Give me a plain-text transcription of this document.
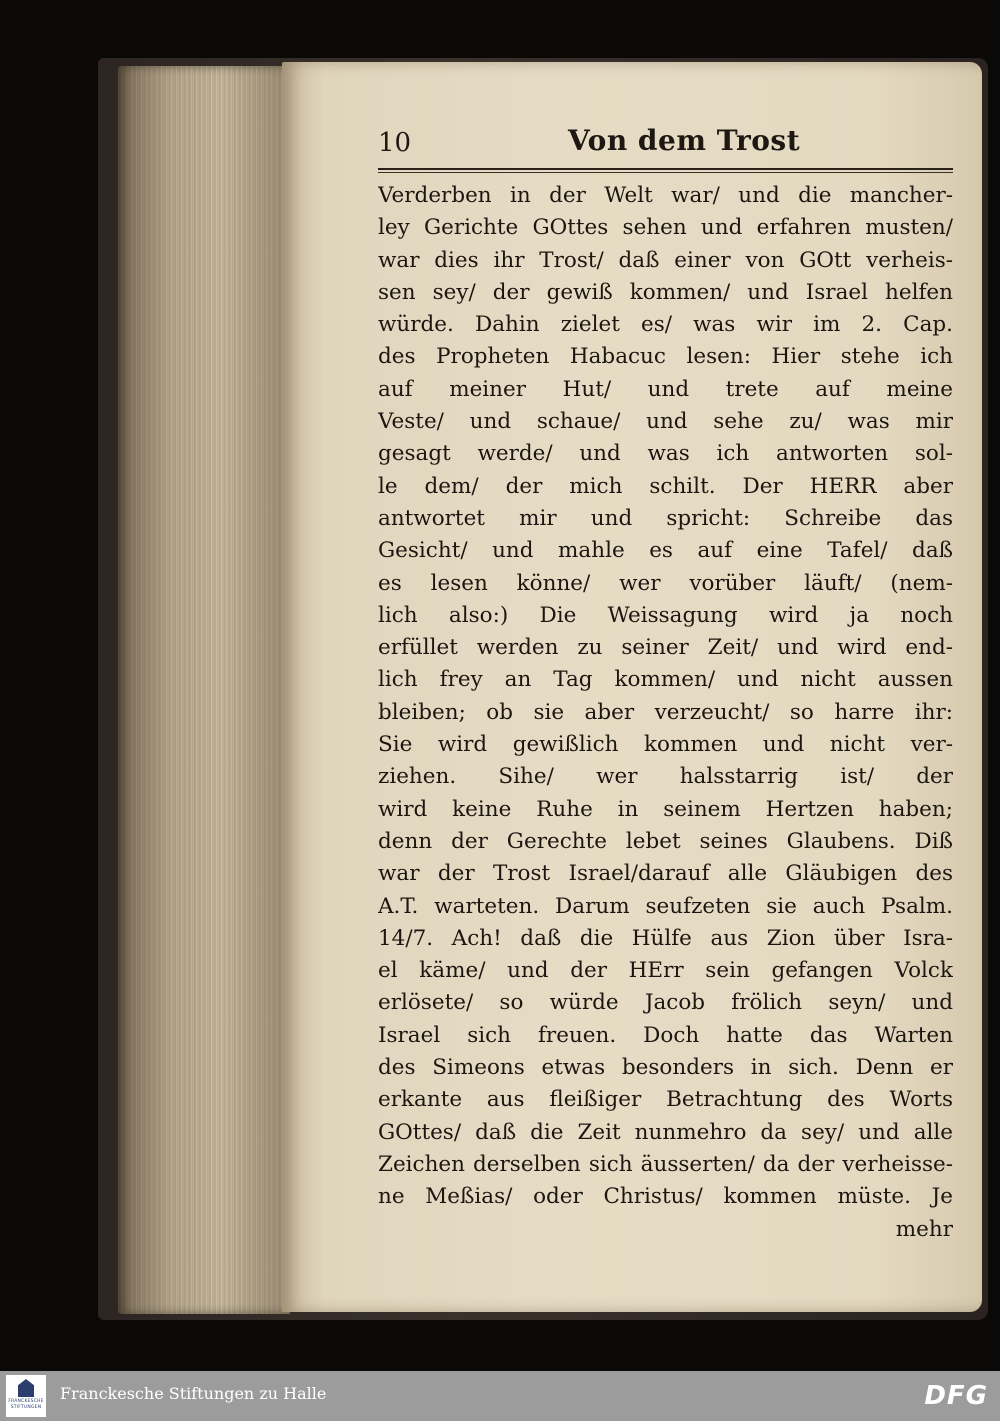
10	Von dem Trost
Verderben in der Welt war/ und die mancher-
ley Gerichte GOttes sehen und erfahren musten/
war dies ihr Trost/ daß einer von GOtt verheis-
sen sey/ der gewiß kommen/ und Israel helfen
würde. Dahin zielet es/ was wir im 2. Cap.
des Propheten Habacuc lesen: Hier stehe ich
auf meiner Hut/ und trete auf meine
Veste/ und schaue/ und sehe zu/ was mir
gesagt werde/ und was ich antworten sol-
le dem/ der mich schilt. Der HERR aber
antwortet mir und spricht: Schreibe das
Gesicht/ und mahle es auf eine Tafel/ daß
es lesen könne/ wer vorüber läuft/ (nem-
lich also:) Die Weissagung wird ja noch
erfüllet werden zu seiner Zeit/ und wird end-
lich frey an Tag kommen/ und nicht aussen
bleiben; ob sie aber verzeucht/ so harre ihr:
Sie wird gewißlich kommen und nicht ver-
ziehen. Sihe/ wer halsstarrig ist/ der
wird keine Ruhe in seinem Hertzen haben;
denn der Gerechte lebet seines Glaubens. Diß
war der Trost Israel/darauf alle Gläubigen des
A.T. warteten. Darum seufzeten sie auch Psalm.
14/7. Ach! daß die Hülfe aus Zion über Isra-
el käme/ und der HErr sein gefangen Volck
erlösete/ so würde Jacob frölich seyn/ und
Israel sich freuen. Doch hatte das Warten
des Simeons etwas besonders in sich. Denn er
erkante aus fleißiger Betrachtung des Worts
GOttes/ daß die Zeit nunmehro da sey/ und alle
Zeichen derselben sich äusserten/ da der verheisse-
ne Meßias/ oder Christus/ kommen müste. Je
mehr
FRANCKESCHE STIFTUNGEN
Franckesche Stiftungen zu Halle	DFG
